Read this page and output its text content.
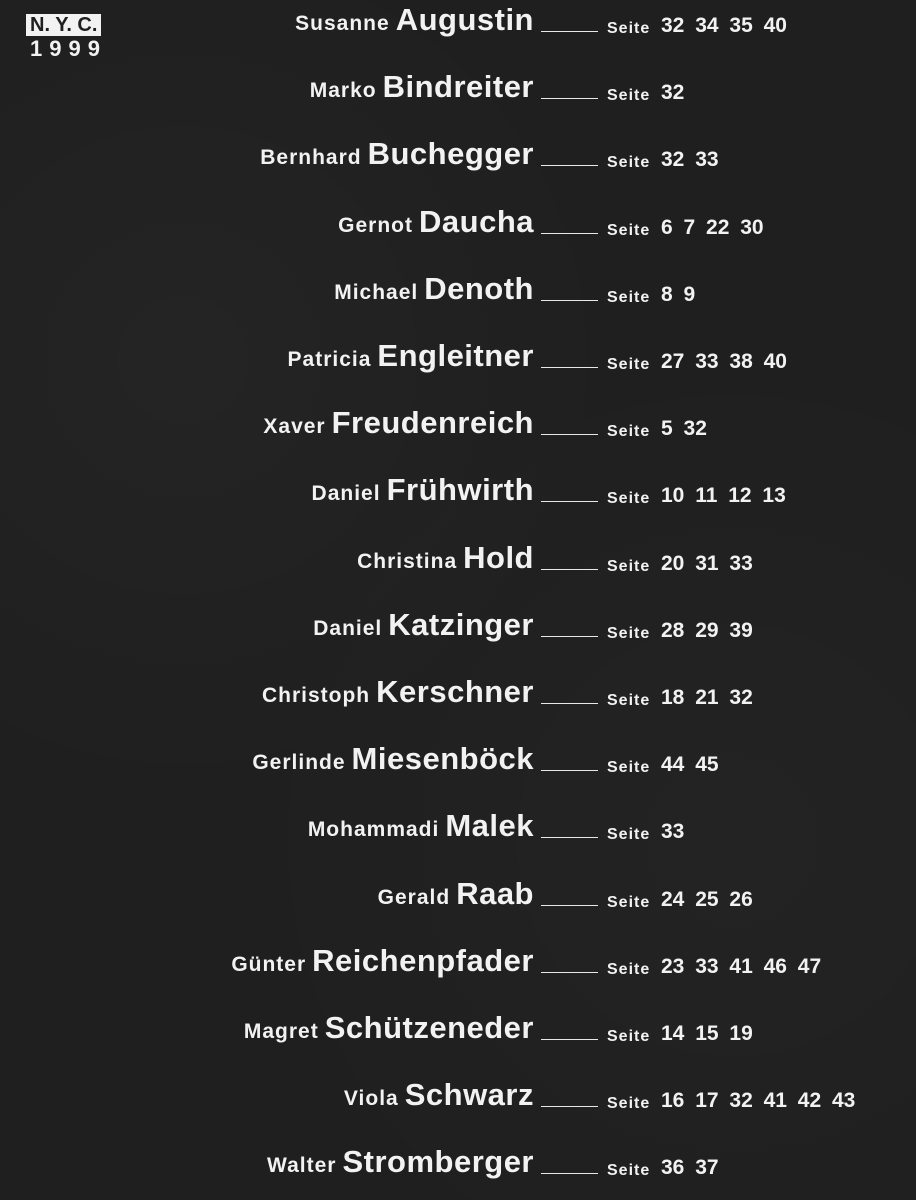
N. Y. C.
1999
Susanne Augustin	Seite 32 34 35 40
Marko Bindreiter	Seite 32
Bernhard Buchegger	Seite 32 33
Gernot Daucha	Seite 6 7 22 30
Michael Denoth	Seite 8 9
Patricia Engleitner	Seite 27 33 38 40
Xaver Freudenreich	Seite 5 32
Daniel Frühwirth	Seite 10 11 12 13
Christina Hold	Seite 20 31 33
Daniel Katzinger	Seite 28 29 39
Christoph Kerschner	Seite 18 21 32
Gerlinde Miesenböck	Seite 44 45
Mohammadi Malek	Seite 33
Gerald Raab	Seite 24 25 26
Günter Reichenpfader	Seite 23 33 41 46 47
Magret Schützeneder	Seite 14 15 19
Viola Schwarz	Seite 16 17 32 41 42 43
Walter Stromberger	Seite 36 37
